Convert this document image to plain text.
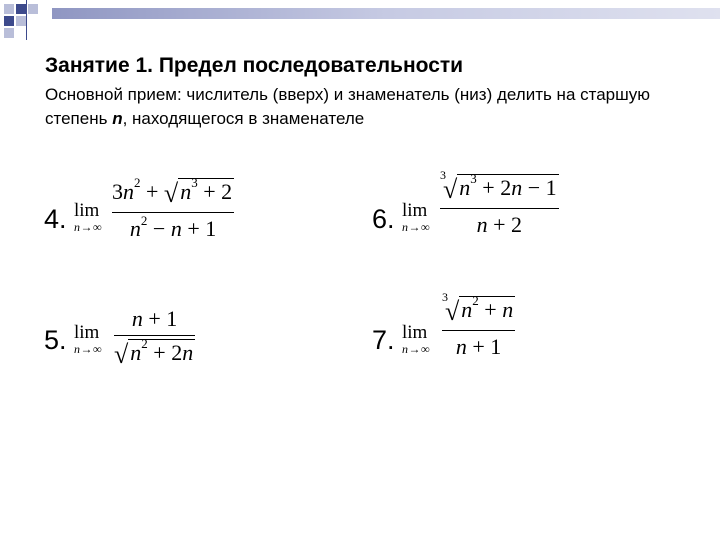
Занятие 1. Предел последовательности
Основной прием: числитель (вверх) и знаменатель (низ) делить на старшую степень n, находящегося в знаменателе
4. lim
n→∞
$3n^2 + √n^3 + 2$
$n^2 - n + 1$	6. lim
n→∞
$^3√n^3 + 2n - 1$
n + 2
5. lim
n→∞
n + 1
$√n^2 + 2n$	7. lim
n→∞
$^3√n^2 + n$
n + 1
